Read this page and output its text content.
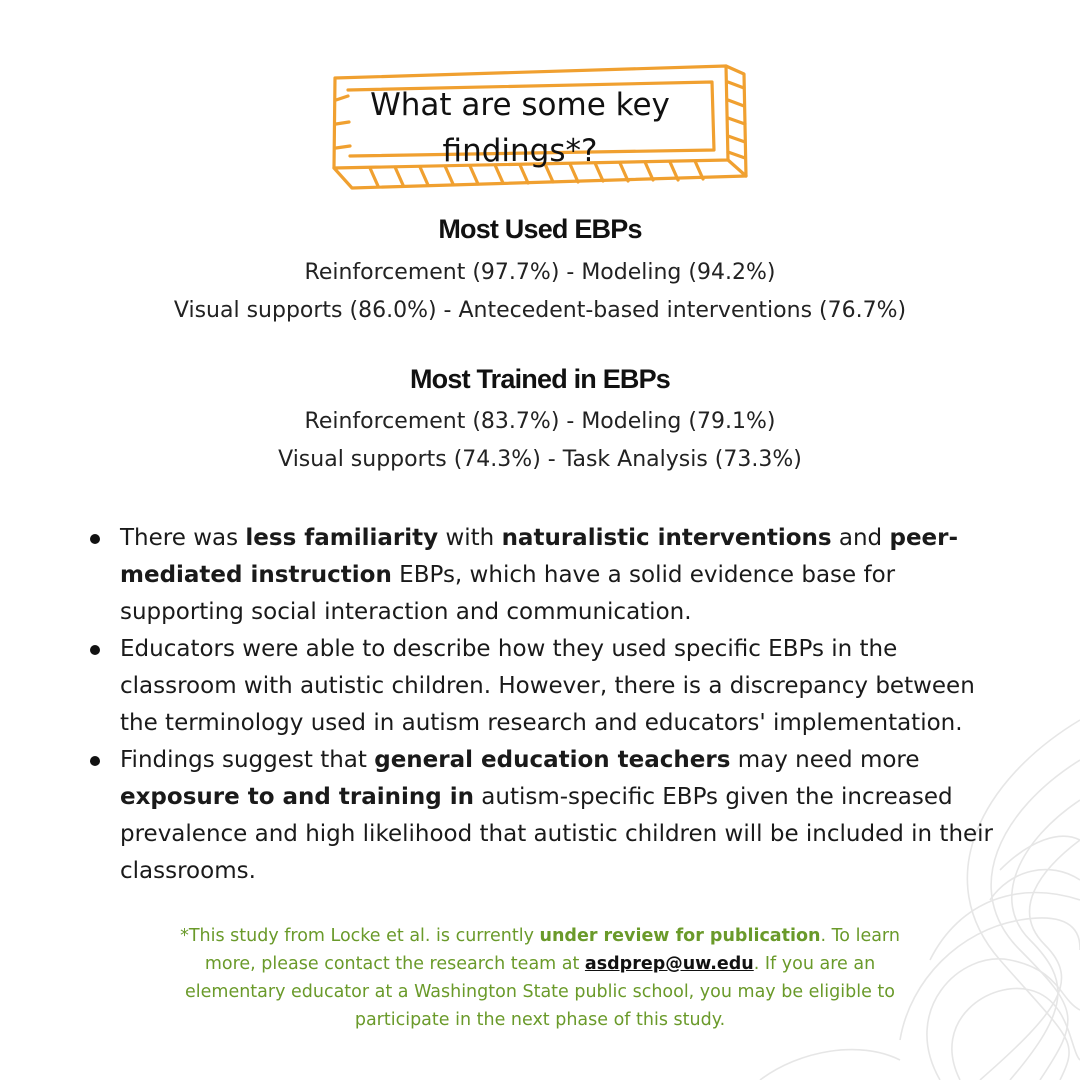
What are some key
findings*?
Most Used EBPs
Reinforcement (97.7%) - Modeling (94.2%)
Visual supports (86.0%) - Antecedent-based interventions (76.7%)
Most Trained in EBPs
Reinforcement (83.7%) - Modeling (79.1%)
Visual supports (74.3%) - Task Analysis (73.3%)
There was less familiarity with naturalistic interventions and peer-mediated instruction EBPs, which have a solid evidence base for supporting social interaction and communication.
Educators were able to describe how they used specific EBPs in the classroom with autistic children. However, there is a discrepancy between the terminology used in autism research and educators' implementation.
Findings suggest that general education teachers may need more exposure to and training in autism-specific EBPs given the increased prevalence and high likelihood that autistic children will be included in their classrooms.
*This study from Locke et al. is currently under review for publication. To learn more, please contact the research team at asdprep@uw.edu. If you are an elementary educator at a Washington State public school, you may be eligible to participate in the next phase of this study.
